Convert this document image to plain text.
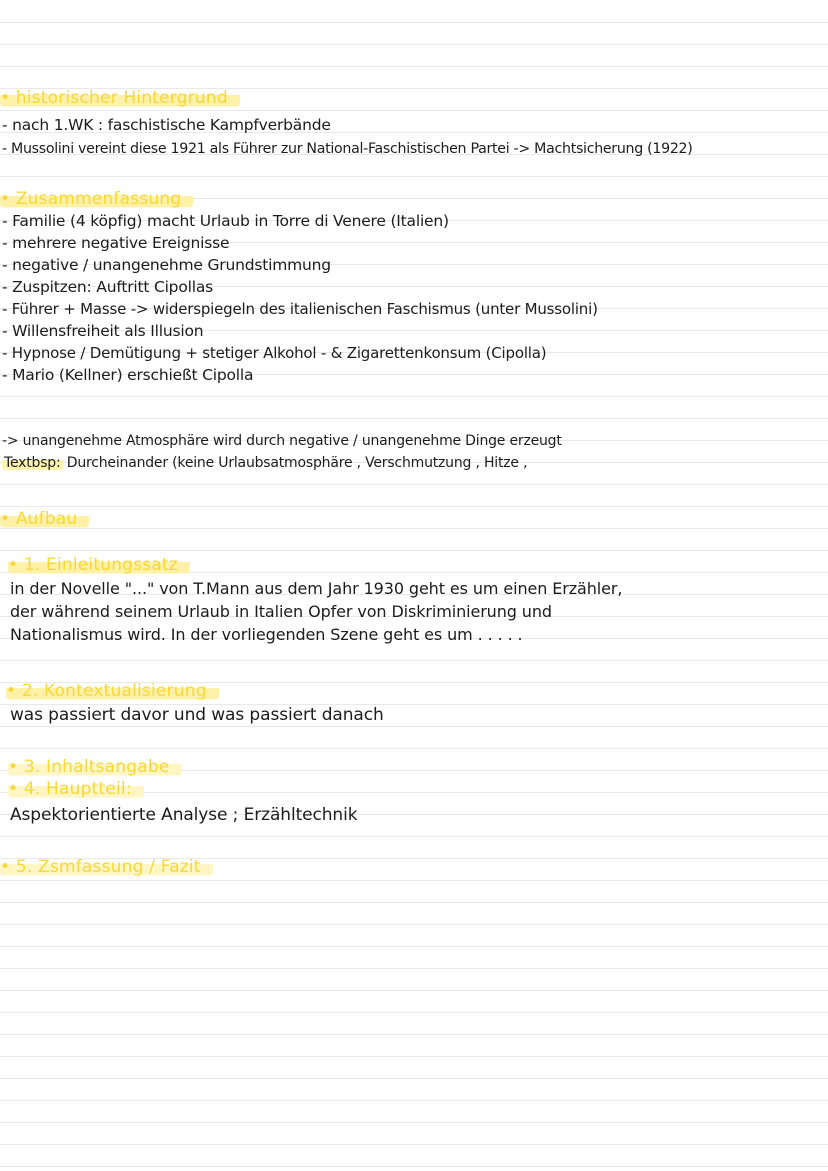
• historischer Hintergrund
- nach 1.WK : faschistische Kampfverbände
- Mussolini vereint diese 1921 als Führer zur National-Faschistischen Partei -> Machtsicherung (1922)
• Zusammenfassung
- Familie (4 köpfig) macht Urlaub in Torre di Venere (Italien)
- mehrere negative Ereignisse
- negative / unangenehme Grundstimmung
- Zuspitzen: Auftritt Cipollas
- Führer + Masse -> widerspiegeln des italienischen Faschismus (unter Mussolini)
- Willensfreiheit als Illusion
- Hypnose / Demütigung + stetiger Alkohol - & Zigarettenkonsum (Cipolla)
- Mario (Kellner) erschießt Cipolla
-> unangenehme Atmosphäre wird durch negative / unangenehme Dinge erzeugt
Textbsp: Durcheinander (keine Urlaubsatmosphäre , Verschmutzung , Hitze ,
• Aufbau
• 1. Einleitungssatz
in der Novelle "..." von T.Mann aus dem Jahr 1930 geht es um einen Erzähler,
der während seinem Urlaub in Italien Opfer von Diskriminierung und
Nationalismus wird. In der vorliegenden Szene geht es um . . . . .
• 2. Kontextualisierung
was passiert davor und was passiert danach
• 3. Inhaltsangabe
• 4. Hauptteil:
Aspektorientierte Analyse ; Erzähltechnik
• 5. Zsmfassung / Fazit
